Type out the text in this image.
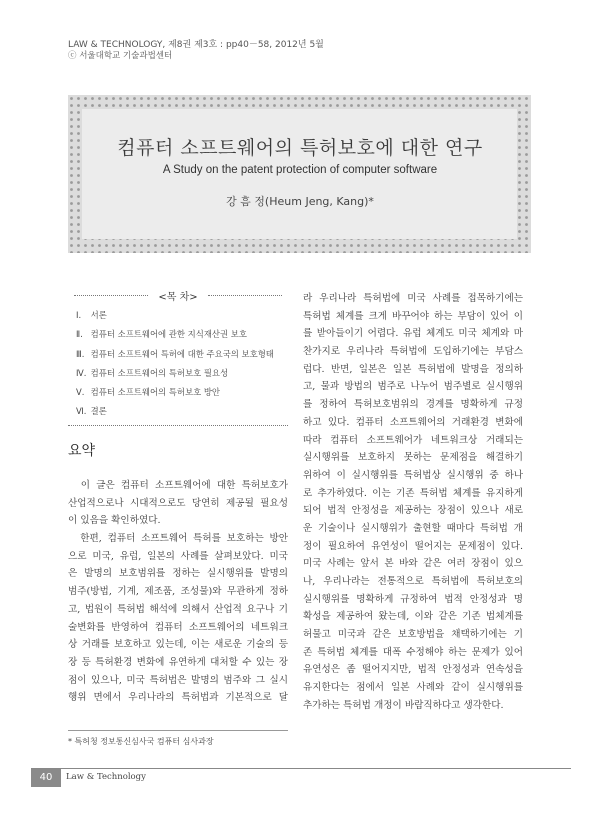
LAW & TECHNOLOGY, 제8권 제3호 : pp40－58, 2012년 5월
ⓒ 서울대학교 기술과법센터
컴퓨터 소프트웨어의 특허보호에 대한 연구
A Study on the patent protection of computer software
강 흠 정(Heum Jeng, Kang)*
<목 차>
Ⅰ. 서론
Ⅱ. 컴퓨터 소프트웨어에 관한 지식재산권 보호
Ⅲ. 컴퓨터 소프트웨어 특허에 대한 주요국의 보호형태
Ⅳ. 컴퓨터 소프트웨어의 특허보호 필요성
Ⅴ. 컴퓨터 소프트웨어의 특허보호 방안
Ⅵ. 결론
요약
　이 글은 컴퓨터 소프트웨어에 대한 특허보호가
산업적으로나 시대적으로도 당연히 제공될 필요성
이 있음을 확인하였다.
　한편, 컴퓨터 소프트웨어 특허를 보호하는 방안
으로 미국, 유럽, 일본의 사례를 살펴보았다. 미국
은 발명의 보호범위를 정하는 실시행위를 발명의
범주(방법, 기계, 제조품, 조성물)와 무관하게 정하
고, 법원이 특허법 해석에 의해서 산업적 요구나 기
술변화를 반영하여 컴퓨터 소프트웨어의 네트워크
상 거래를 보호하고 있는데, 이는 새로운 기술의 등
장 등 특허환경 변화에 유연하게 대처할 수 있는 장
점이 있으나, 미국 특허법은 발명의 범주와 그 실시
행위 면에서 우리나라의 특허법과 기본적으로 달
라 우리나라 특허법에 미국 사례를 접목하기에는
특허법 체계를 크게 바꾸어야 하는 부담이 있어 이
를 받아들이기 어렵다. 유럽 체계도 미국 체계와 마
찬가지로 우리나라 특허법에 도입하기에는 부담스
럽다. 반면, 일본은 일본 특허법에 발명을 정의하
고, 물과 방법의 범주로 나누어 범주별로 실시행위
를 정하여 특허보호범위의 경계를 명확하게 규정
하고 있다. 컴퓨터 소프트웨어의 거래환경 변화에
따라 컴퓨터 소프트웨어가 네트워크상 거래되는
실시행위를 보호하지 못하는 문제점을 해결하기
위하여 이 실시행위를 특허법상 실시행위 중 하나
로 추가하였다. 이는 기존 특허법 체계를 유지하게
되어 법적 안정성을 제공하는 장점이 있으나 새로
운 기술이나 실시행위가 출현할 때마다 특허법 개
정이 필요하여 유연성이 떨어지는 문제점이 있다.
미국 사례는 앞서 본 바와 같은 여러 장점이 있으
나, 우리나라는 전통적으로 특허법에 특허보호의
실시행위를 명확하게 규정하여 법적 안정성과 명
확성을 제공하여 왔는데, 이와 같은 기존 법체계를
허물고 미국과 같은 보호방법을 채택하기에는 기
존 특허법 체계를 대폭 수정해야 하는 문제가 있어
유연성은 좀 떨어지지만, 법적 안정성과 연속성을
유지한다는 점에서 일본 사례와 같이 실시행위를
추가하는 특허법 개정이 바람직하다고 생각한다.
* 특허청 정보통신심사국 컴퓨터 심사과장
40	Law & Technology
